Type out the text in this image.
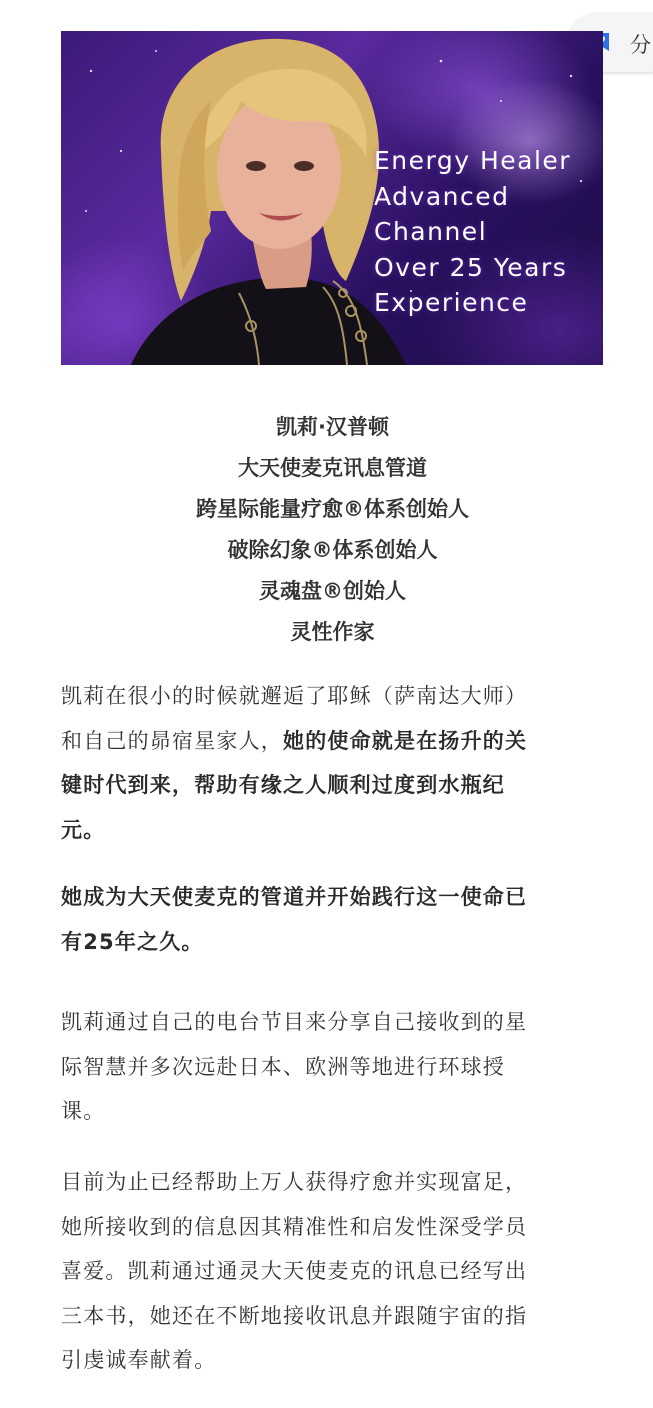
分
Energy Healer
Advanced
Channel
Over 25 Years
Experience
凯莉·汉普顿
大天使麦克讯息管道
跨星际能量疗愈®体系创始人
破除幻象®体系创始人
灵魂盘®创始人
灵性作家
凯莉在很小的时候就邂逅了耶稣（萨南达大师）
和自己的昴宿星家人，她的使命就是在扬升的关
键时代到来，帮助有缘之人顺利过度到水瓶纪
元。
她成为大天使麦克的管道并开始践行这一使命已
有25年之久。
凯莉通过自己的电台节目来分享自己接收到的星
际智慧并多次远赴日本、欧洲等地进行环球授
课。
目前为止已经帮助上万人获得疗愈并实现富足，
她所接收到的信息因其精准性和启发性深受学员
喜爱。凯莉通过通灵大天使麦克的讯息已经写出
三本书，她还在不断地接收讯息并跟随宇宙的指
引虔诚奉献着。
